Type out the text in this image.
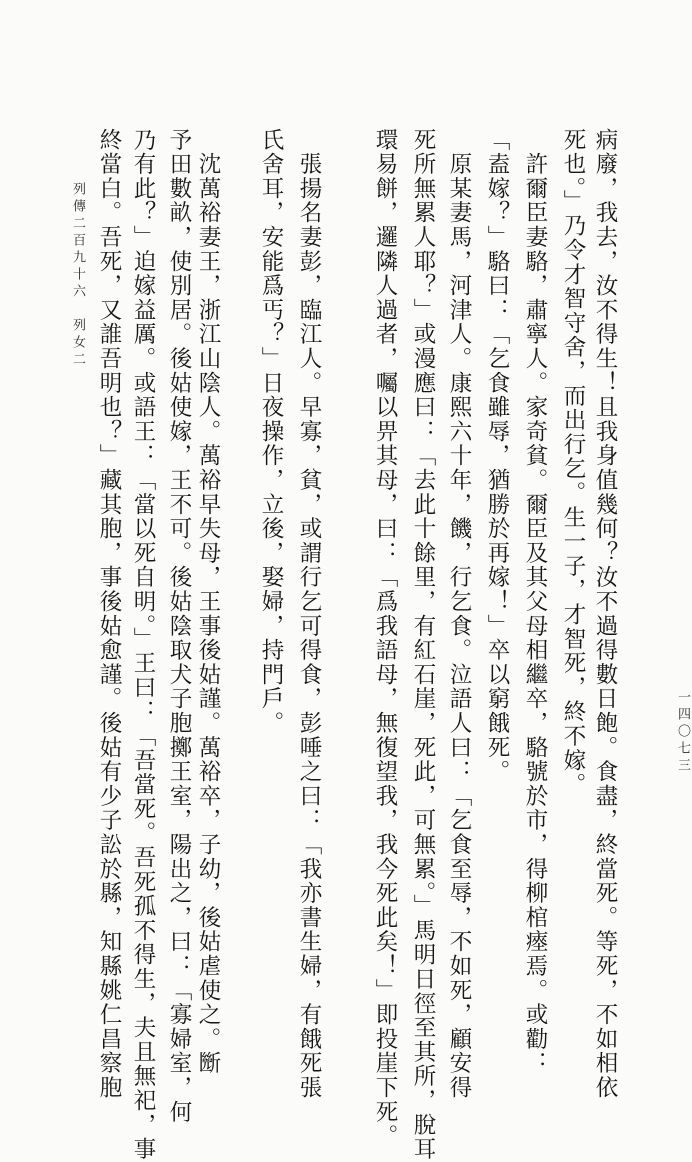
列傳二百九十六　列女二	病廢，我去，汝不得生！且我身值幾何？汝不過得數日飽。食盡，終當死。等死，不如相依
死也。」乃令才智守舍，而出行乞。生一子，才智死，終不嫁。
　許爾臣妻駱，肅寧人。家奇貧。爾臣及其父母相繼卒，駱號於市，得柳棺瘞焉。或勸：
「盍嫁？」駱曰：「乞食雖辱，猶勝於再嫁！」卒以窮餓死。
　原某妻馬，河津人。康熙六十年，饑，行乞食。泣語人曰：「乞食至辱，不如死，顧安得
死所無累人耶？」或漫應曰：「去此十餘里，有紅石崖，死此，可無累。」馬明日徑至其所，脫耳
環易餅，邏隣人過者，囑以畀其母，曰：「爲我語母，無復望我，我今死此矣！」即投崖下死。
　張揚名妻彭，臨江人。早寡，貧，或謂行乞可得食，彭唾之曰：「我亦書生婦，有餓死張
氏舍耳，安能爲丐？」日夜操作，立後，娶婦，持門戶。
　沈萬裕妻王，浙江山陰人。萬裕早失母，王事後姑謹。萬裕卒，子幼，後姑虐使之。㫁
予田數畝，使別居。後姑使嫁，王不可。後姑陰取犬子胞擲王室，陽出之，曰：「寡婦室，何
乃有此？」迫嫁益厲。或語王：「當以死自明。」王曰：「吾當死。吾死孤不得生，夫且無祀，事
終當白。吾死，又誰吾明也？」藏其胞，事後姑愈謹。後姑有少子訟於縣，知縣姚仁昌察胞	一四〇七三
